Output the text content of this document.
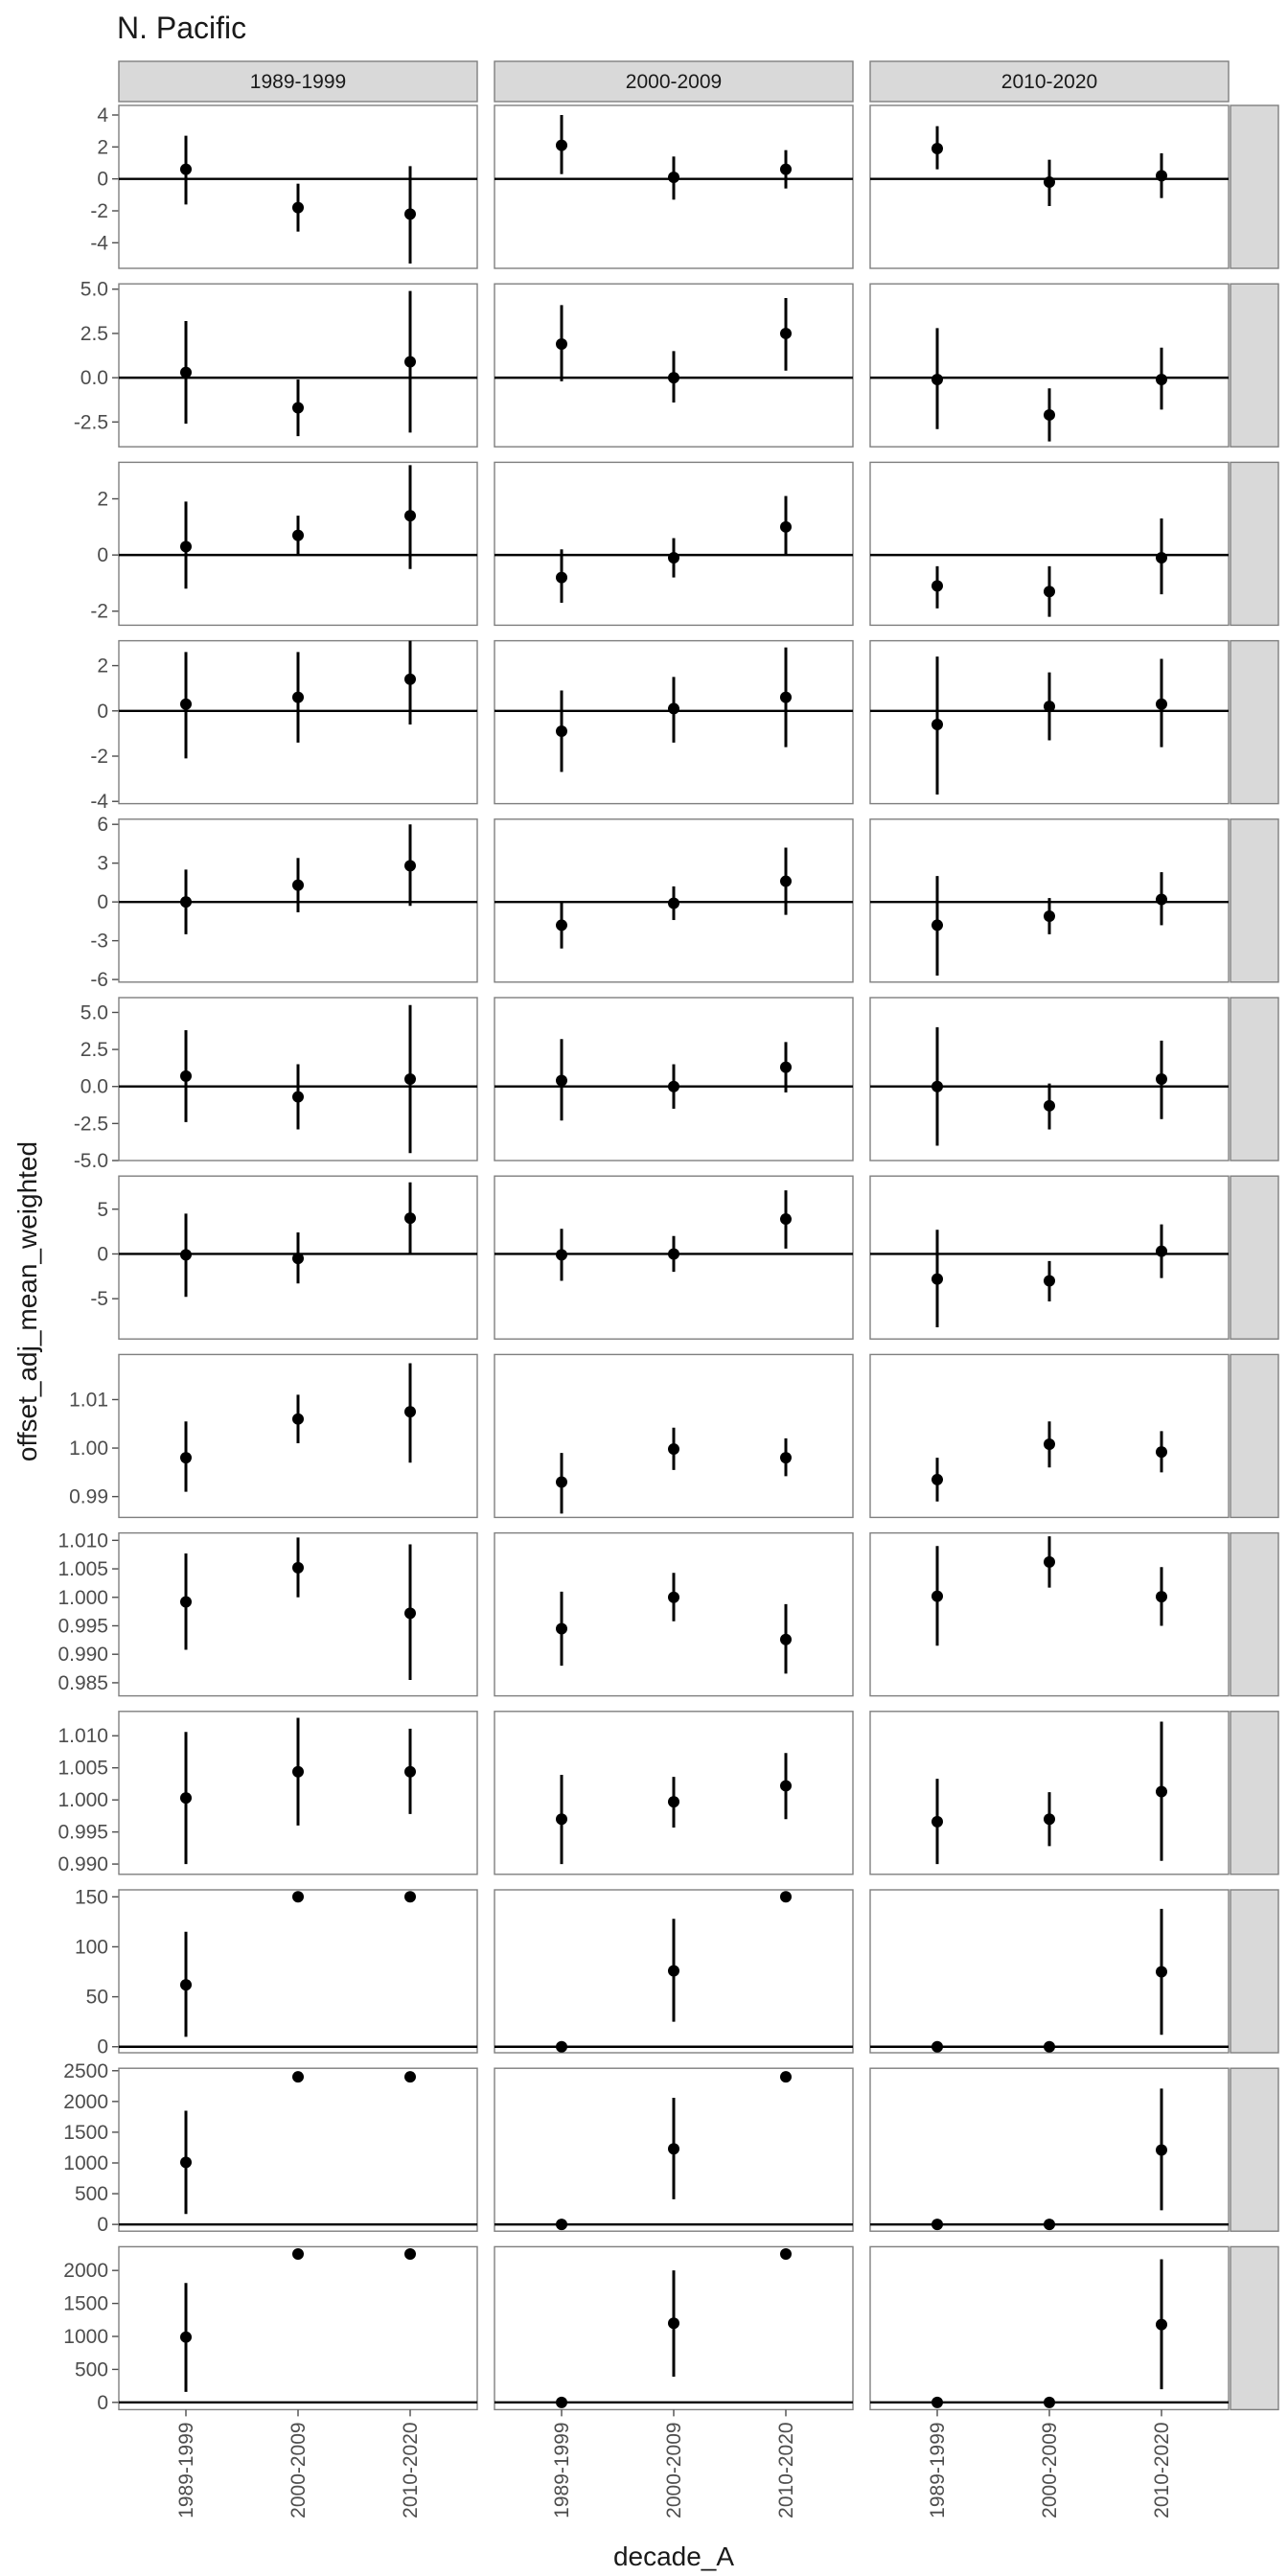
N. Pacific
offset_adj_mean_weighted
decade_A
1989-1999	2000-2009	2010-2020
-4
-2
0
2
4
-2.5
0.0
2.5
5.0
-2
0
2
-4
-2
0
2
-6
-3
0
3
6
-5.0
-2.5
0.0
2.5
5.0
-5
0
5
0.99
1.00
1.01
0.985
0.990
0.995
1.000
1.005
1.010
0.990
0.995
1.000
1.005
1.010
0
50
100
150
0
500
1000
1500
2000
2500
0
500
1000
1500
2000
1989-1999	2000-2009	2010-2020	1989-1999	2000-2009	2010-2020	1989-1999	2000-2009	2010-2020
